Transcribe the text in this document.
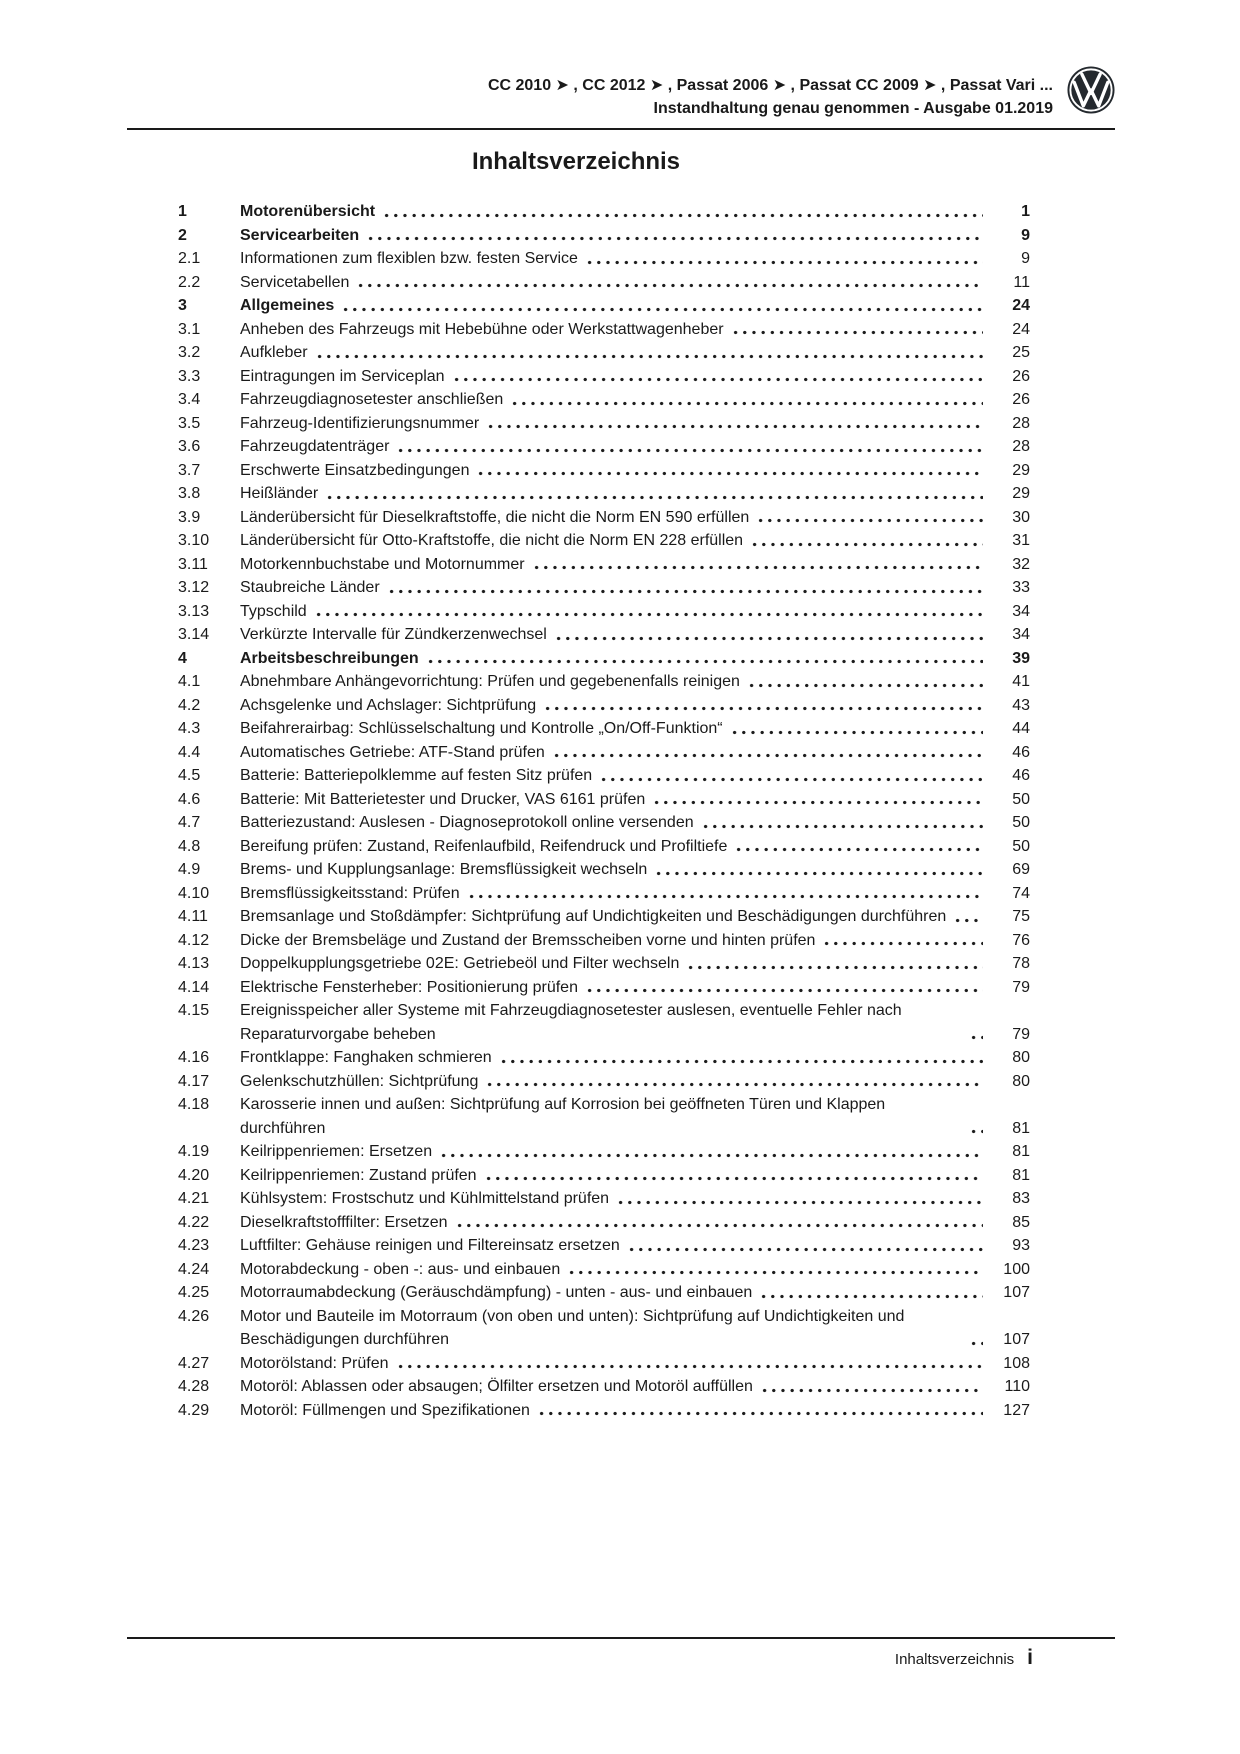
CC 2010 ➤ , CC 2012 ➤ , Passat 2006 ➤ , Passat CC 2009 ➤ , Passat Vari ...
Instandhaltung genau genommen - Ausgabe 01.2019
Inhaltsverzeichnis
1	Motorenübersicht	1
2	Servicearbeiten	9
2.1	Informationen zum flexiblen bzw. festen Service	9
2.2	Servicetabellen	11
3	Allgemeines	24
3.1	Anheben des Fahrzeugs mit Hebebühne oder Werkstattwagenheber	24
3.2	Aufkleber	25
3.3	Eintragungen im Serviceplan	26
3.4	Fahrzeugdiagnosetester anschließen	26
3.5	Fahrzeug-Identifizierungsnummer	28
3.6	Fahrzeugdatenträger	28
3.7	Erschwerte Einsatzbedingungen	29
3.8	Heißländer	29
3.9	Länderübersicht für Dieselkraftstoffe, die nicht die Norm EN 590 erfüllen	30
3.10	Länderübersicht für Otto-Kraftstoffe, die nicht die Norm EN 228 erfüllen	31
3.11	Motorkennbuchstabe und Motornummer	32
3.12	Staubreiche Länder	33
3.13	Typschild	34
3.14	Verkürzte Intervalle für Zündkerzenwechsel	34
4	Arbeitsbeschreibungen	39
4.1	Abnehmbare Anhängevorrichtung: Prüfen und gegebenenfalls reinigen	41
4.2	Achsgelenke und Achslager: Sichtprüfung	43
4.3	Beifahrerairbag: Schlüsselschaltung und Kontrolle „On/Off-Funktion“	44
4.4	Automatisches Getriebe: ATF-Stand prüfen	46
4.5	Batterie: Batteriepolklemme auf festen Sitz prüfen	46
4.6	Batterie: Mit Batterietester und Drucker, VAS 6161 prüfen	50
4.7	Batteriezustand: Auslesen - Diagnoseprotokoll online versenden	50
4.8	Bereifung prüfen: Zustand, Reifenlaufbild, Reifendruck und Profiltiefe	50
4.9	Brems- und Kupplungsanlage: Bremsflüssigkeit wechseln	69
4.10	Bremsflüssigkeitsstand: Prüfen	74
4.11	Bremsanlage und Stoßdämpfer: Sichtprüfung auf Undichtigkeiten und Beschädigungen durchführen	75
4.12	Dicke der Bremsbeläge und Zustand der Bremsscheiben vorne und hinten prüfen	76
4.13	Doppelkupplungsgetriebe 02E: Getriebeöl und Filter wechseln	78
4.14	Elektrische Fensterheber: Positionierung prüfen	79
4.15	Ereignisspeicher aller Systeme mit Fahrzeugdiagnosetester auslesen, eventuelle Fehler nach Reparaturvorgabe beheben	79
4.16	Frontklappe: Fanghaken schmieren	80
4.17	Gelenkschutzhüllen: Sichtprüfung	80
4.18	Karosserie innen und außen: Sichtprüfung auf Korrosion bei geöffneten Türen und Klappen durchführen	81
4.19	Keilrippenriemen: Ersetzen	81
4.20	Keilrippenriemen: Zustand prüfen	81
4.21	Kühlsystem: Frostschutz und Kühlmittelstand prüfen	83
4.22	Dieselkraftstofffilter: Ersetzen	85
4.23	Luftfilter: Gehäuse reinigen und Filtereinsatz ersetzen	93
4.24	Motorabdeckung - oben -: aus- und einbauen	100
4.25	Motorraumabdeckung (Geräuschdämpfung) - unten - aus- und einbauen	107
4.26	Motor und Bauteile im Motorraum (von oben und unten): Sichtprüfung auf Undichtigkeiten und Beschädigungen durchführen	107
4.27	Motorölstand: Prüfen	108
4.28	Motoröl: Ablassen oder absaugen; Ölfilter ersetzen und Motoröl auffüllen	110
4.29	Motoröl: Füllmengen und Spezifikationen	127
Inhaltsverzeichnis i
